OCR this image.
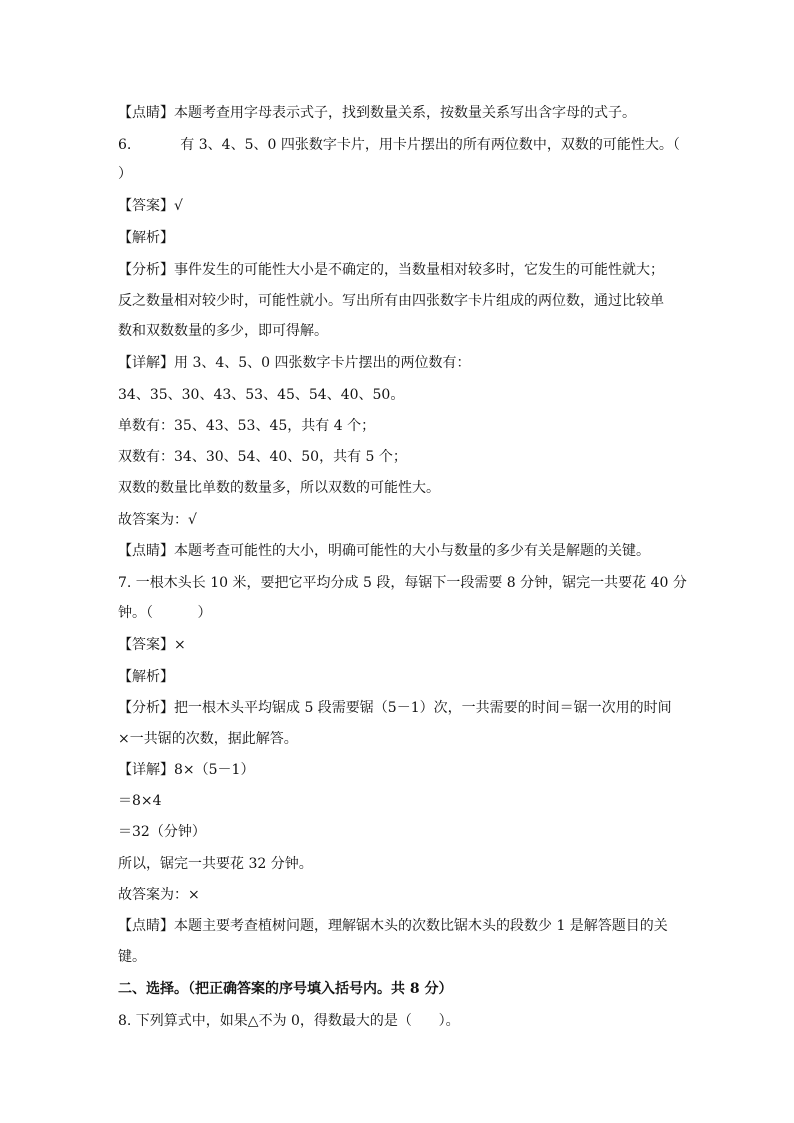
【点睛】本题考查用字母表示式子，找到数量关系，按数量关系写出含字母的式子。

6.           有 3、4、5、0 四张数字卡片，用卡片摆出的所有两位数中，双数的可能性大。（

）

【答案】√

【解析】

【分析】事件发生的可能性大小是不确定的，当数量相对较多时，它发生的可能性就大；

反之数量相对较少时，可能性就小。写出所有由四张数字卡片组成的两位数，通过比较单

数和双数数量的多少，即可得解。

【详解】用 3、4、5、0 四张数字卡片摆出的两位数有：

34、35、30、43、53、45、54、40、50。

单数有：35、43、53、45，共有 4 个；

双数有：34、30、54、40、50，共有 5 个；

双数的数量比单数的数量多，所以双数的可能性大。

故答案为：√

【点睛】本题考查可能性的大小，明确可能性的大小与数量的多少有关是解题的关键。

7. 一根木头长 10 米，要把它平均分成 5 段，每锯下一段需要 8 分钟，锯完一共要花 40 分

钟。（          ）

【答案】×

【解析】

【分析】把一根木头平均锯成 5 段需要锯（5－1）次，一共需要的时间＝锯一次用的时间

×一共锯的次数，据此解答。

【详解】8×（5－1）

＝8×4

＝32（分钟）

所以，锯完一共要花 32 分钟。

故答案为：×

【点睛】本题主要考查植树问题，理解锯木头的次数比锯木头的段数少 1 是解答题目的关

键。

二、选择。（把正确答案的序号填入括号内。共 8 分）

8. 下列算式中，如果△不为 0，得数最大的是（      ）。
